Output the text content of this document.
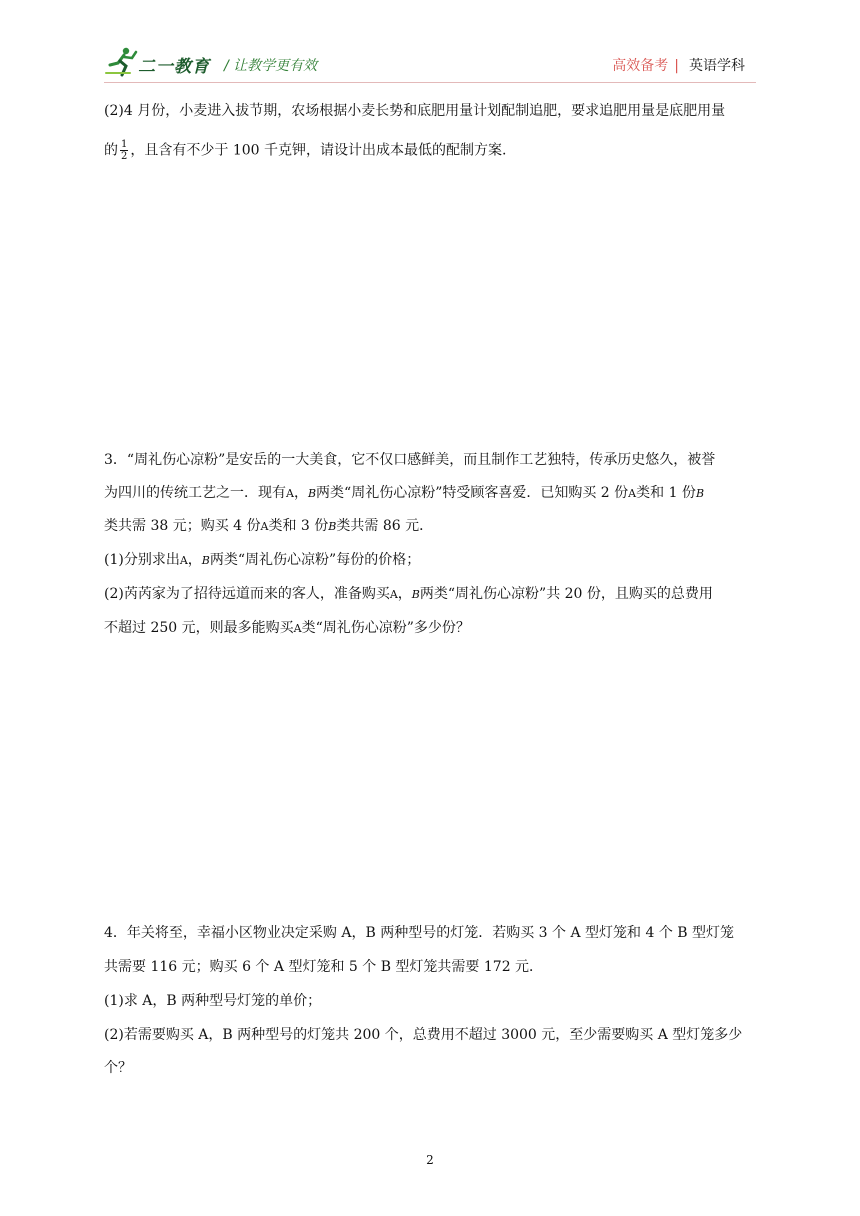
二一教育 / 让教学更有效	高效备考 | 英语学科

(2)4 月份，小麦进入拔节期，农场根据小麦长势和底肥用量计划配制追肥，要求追肥用量是底肥用量

的 $\frac{1}{2}$ ，且含有不少于 100 千克钾，请设计出成本最低的配制方案.

3．“周礼伤心凉粉”是安岳的一大美食，它不仅口感鲜美，而且制作工艺独特，传承历史悠久，被誉

为四川的传统工艺之一．现有A，B两类“周礼伤心凉粉”特受顾客喜爱．已知购买 2 份A类和 1 份B

类共需 38 元；购买 4 份A类和 3 份B类共需 86 元．

(1)分别求出A，B两类“周礼伤心凉粉”每份的价格；

(2)芮芮家为了招待远道而来的客人，准备购买A，B两类“周礼伤心凉粉”共 20 份，且购买的总费用

不超过 250 元，则最多能购买A类“周礼伤心凉粉”多少份？

4．年关将至，幸福小区物业决定采购 A，B 两种型号的灯笼．若购买 3 个 A 型灯笼和 4 个 B 型灯笼

共需要 116 元；购买 6 个 A 型灯笼和 5 个 B 型灯笼共需要 172 元．

(1)求 A，B 两种型号灯笼的单价；

(2)若需要购买 A，B 两种型号的灯笼共 200 个，总费用不超过 3000 元，至少需要购买 A 型灯笼多少

个？

2
